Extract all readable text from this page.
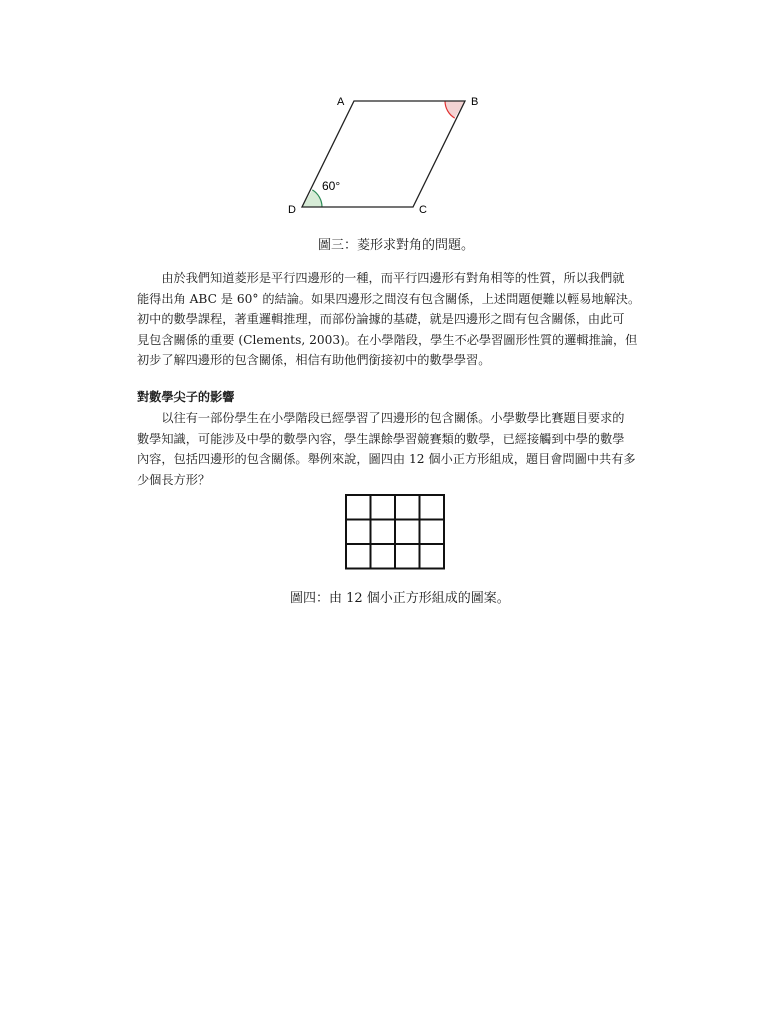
A	B
C
D
60°
圖三：菱形求對角的問題。
　　由於我們知道菱形是平行四邊形的一種，而平行四邊形有對角相等的性質，所以我們就
能得出角 ABC 是 60° 的結論。如果四邊形之間沒有包含關係，上述問題便難以輕易地解決。
初中的數學課程，著重邏輯推理，而部份論據的基礎，就是四邊形之間有包含關係，由此可
見包含關係的重要 (Clements, 2003)。在小學階段，學生不必學習圖形性質的邏輯推論，但
初步了解四邊形的包含關係，相信有助他們銜接初中的數學學習。
對數學尖子的影響
　　以往有一部份學生在小學階段已經學習了四邊形的包含關係。小學數學比賽題目要求的
數學知識，可能涉及中學的數學內容，學生課餘學習競賽類的數學，已經接觸到中學的數學
內容，包括四邊形的包含關係。舉例來說，圖四由 12 個小正方形組成，題目會問圖中共有多
少個長方形？
圖四：由 12 個小正方形組成的圖案。
